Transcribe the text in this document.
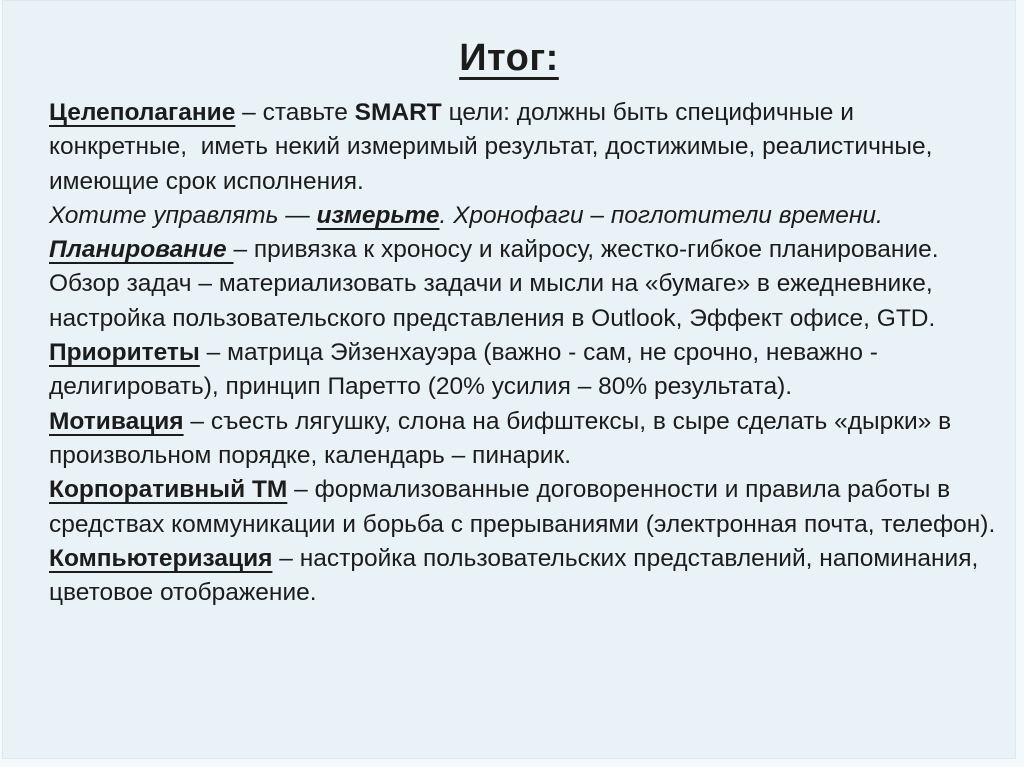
Итог:

Целеполагание – ставьте SMART цели: должны быть специфичные и конкретные,  иметь некий измеримый результат, достижимые, реалистичные, имеющие срок исполнения.

Хотите управлять — измерьте. Хронофаги – поглотители времени.

Планирование – привязка к хроносу и кайросу, жестко-гибкое планирование. Обзор задач – материализовать задачи и мысли на «бумаге» в ежедневнике, настройка пользовательского представления в Outlook, Эффект офисе, GTD.

Приоритеты – матрица Эйзенхауэра (важно - сам, не срочно, неважно - делигировать), принцип Паретто (20% усилия – 80% результата).

Мотивация – съесть лягушку, слона на бифштексы, в сыре сделать «дырки» в произвольном порядке, календарь – пинарик.

Корпоративный ТМ – формализованные договоренности и правила работы в средствах коммуникации и борьба с прерываниями (электронная почта, телефон).

Компьютеризация – настройка пользовательских представлений, напоминания, цветовое отображение.
